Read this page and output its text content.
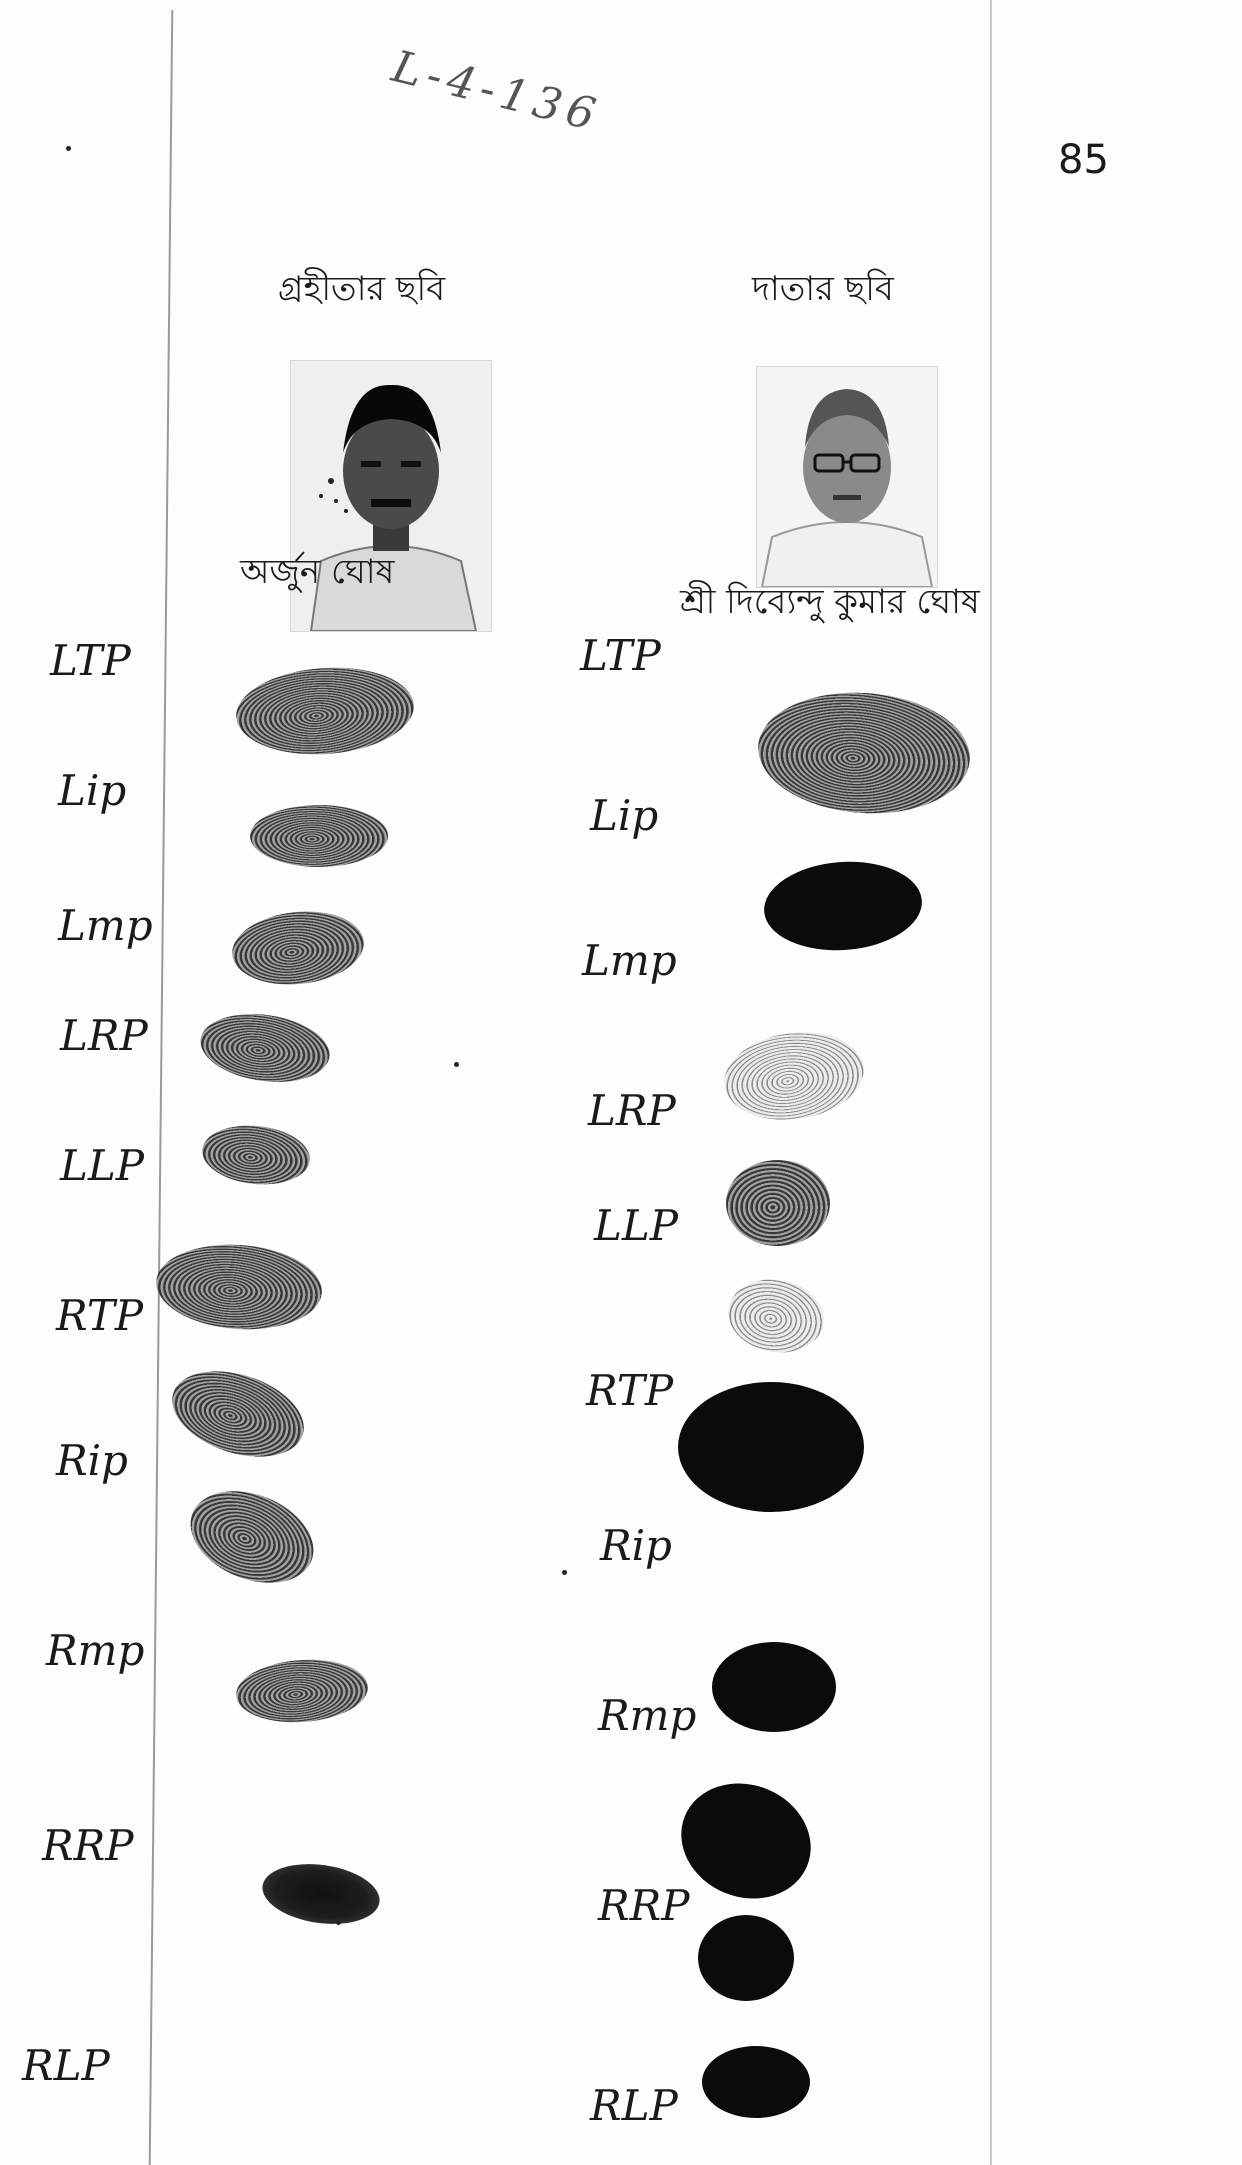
L-4-136
85
গ্রহীতার ছবি	দাতার ছবি
অর্জুন ঘোষ
শ্রী দিব্যেন্দু কুমার ঘোষ
LTP
Lip
Lmp
LRP
LLP
RTP
Rip
Rmp
RRP
RLP
LTP
Lip
Lmp
LRP
LLP
RTP
Rip
Rmp
RRP
RLP
